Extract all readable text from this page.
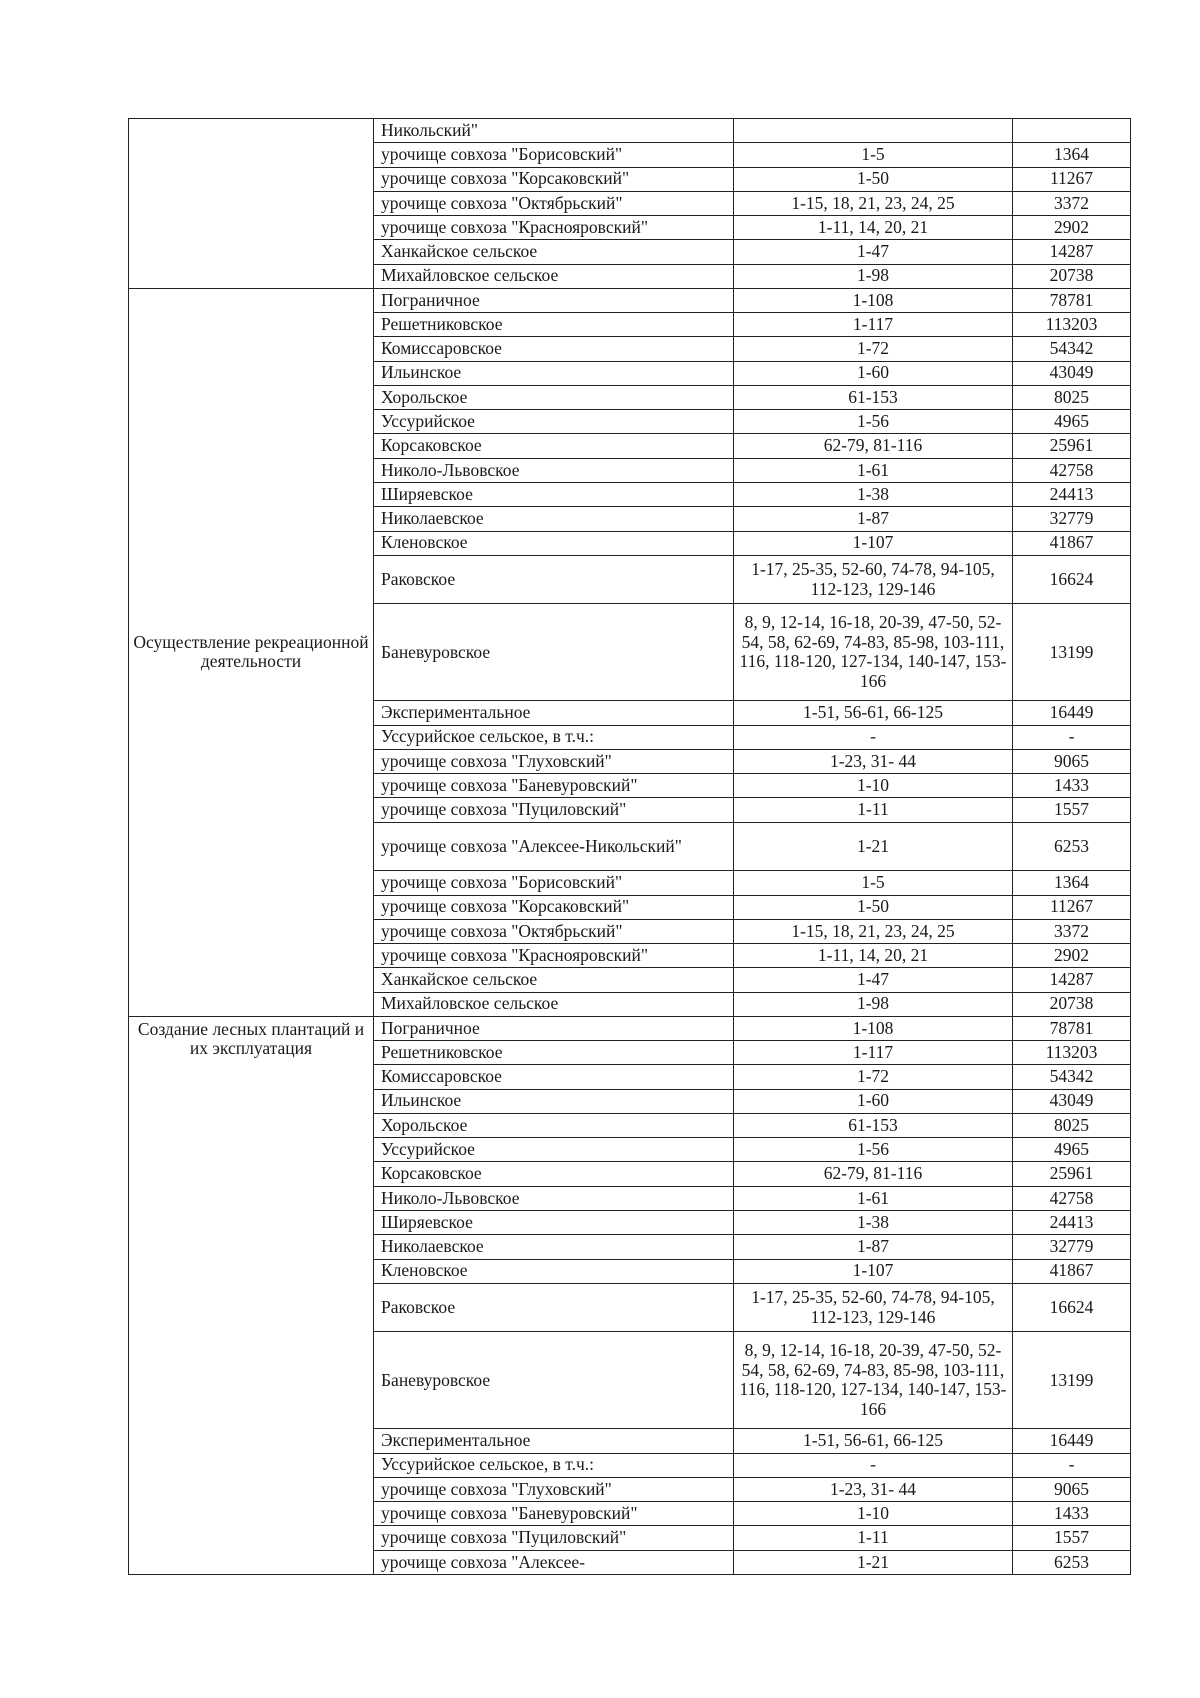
	Никольский"		
	урочище совхоза "Борисовский"	1-5	1364
	урочище совхоза "Корсаковский"	1-50	11267
	урочище совхоза "Октябрьский"	1-15, 18, 21, 23, 24, 25	3372
	урочище совхоза "Краснояровский"	1-11, 14, 20, 21	2902
	Ханкайское сельское	1-47	14287
	Михайловское сельское	1-98	20738
Осуществление рекреационной деятельности	Пограничное	1-108	78781
	Решетниковское	1-117	113203
	Комиссаровское	1-72	54342
	Ильинское	1-60	43049
	Хорольское	61-153	8025
	Уссурийское	1-56	4965
	Корсаковское	62-79, 81-116	25961
	Николо-Львовское	1-61	42758
	Ширяевское	1-38	24413
	Николаевское	1-87	32779
	Кленовское	1-107	41867
	Раковское	1-17, 25-35, 52-60, 74-78, 94-105, 112-123, 129-146	16624
	Баневуровское	8, 9, 12-14, 16-18, 20-39, 47-50, 52-54, 58, 62-69, 74-83, 85-98, 103-111, 116, 118-120, 127-134, 140-147, 153-166	13199
	Экспериментальное	1-51, 56-61, 66-125	16449
	Уссурийское сельское, в т.ч.:	-	-
	урочище совхоза "Глуховский"	1-23, 31- 44	9065
	урочище совхоза "Баневуровский"	1-10	1433
	урочище совхоза "Пуциловский"	1-11	1557
	урочище совхоза "Алексее-Никольский"	1-21	6253
	урочище совхоза "Борисовский"	1-5	1364
	урочище совхоза "Корсаковский"	1-50	11267
	урочище совхоза "Октябрьский"	1-15, 18, 21, 23, 24, 25	3372
	урочище совхоза "Краснояровский"	1-11, 14, 20, 21	2902
	Ханкайское сельское	1-47	14287
	Михайловское сельское	1-98	20738
Создание лесных плантаций и их эксплуатация	Пограничное	1-108	78781
	Решетниковское	1-117	113203
	Комиссаровское	1-72	54342
	Ильинское	1-60	43049
	Хорольское	61-153	8025
	Уссурийское	1-56	4965
	Корсаковское	62-79, 81-116	25961
	Николо-Львовское	1-61	42758
	Ширяевское	1-38	24413
	Николаевское	1-87	32779
	Кленовское	1-107	41867
	Раковское	1-17, 25-35, 52-60, 74-78, 94-105, 112-123, 129-146	16624
	Баневуровское	8, 9, 12-14, 16-18, 20-39, 47-50, 52-54, 58, 62-69, 74-83, 85-98, 103-111, 116, 118-120, 127-134, 140-147, 153-166	13199
	Экспериментальное	1-51, 56-61, 66-125	16449
	Уссурийское сельское, в т.ч.:	-	-
	урочище совхоза "Глуховский"	1-23, 31- 44	9065
	урочище совхоза "Баневуровский"	1-10	1433
	урочище совхоза "Пуциловский"	1-11	1557
	урочище совхоза "Алексее-	1-21	6253
